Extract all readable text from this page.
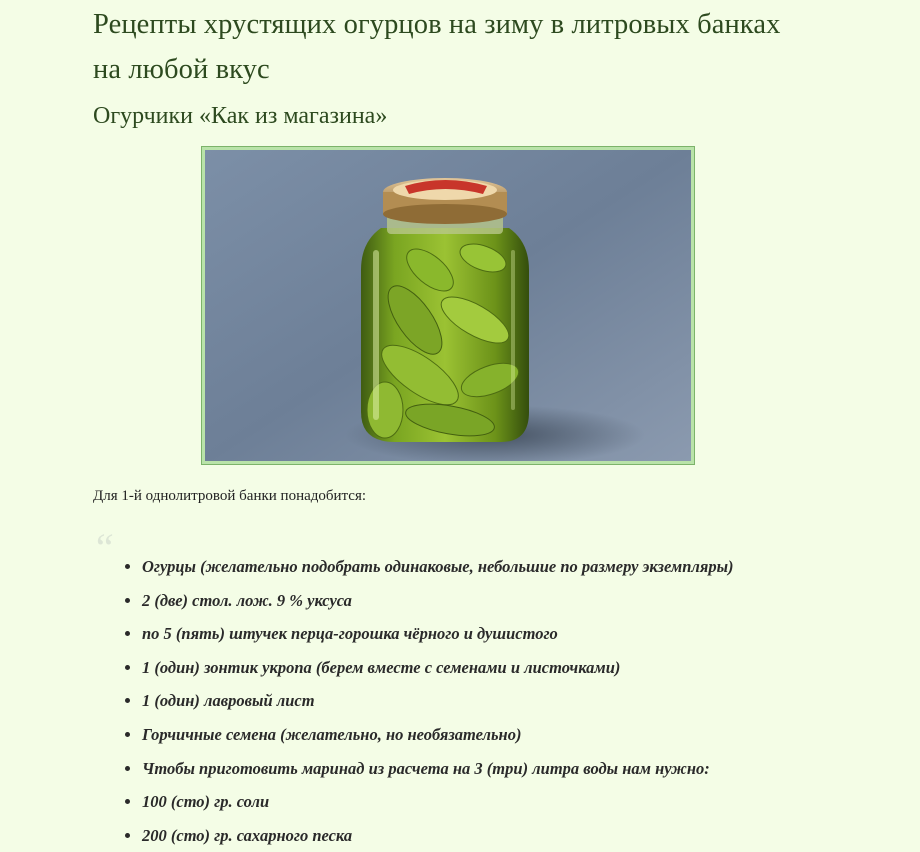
Рецепты хрустящих огурцов на зиму в литровых банках на любой вкус
Огурчики «Как из магазина»

Для 1-й однолитровой банки понадобится:

“
• Огурцы (желательно подобрать одинаковые, небольшие по размеру экземпляры)
• 2 (две) стол. лож. 9 % уксуса
• по 5 (пять) штучек перца-горошка чёрного и душистого
• 1 (один) зонтик укропа (берем вместе с семенами и листочками)
• 1 (один) лавровый лист
• Горчичные семена (желательно, но необязательно)
• Чтобы приготовить маринад из расчета на 3 (три) литра воды нам нужно:
• 100 (сто) гр. соли
• 200 (сто) гр. сахарного песка
